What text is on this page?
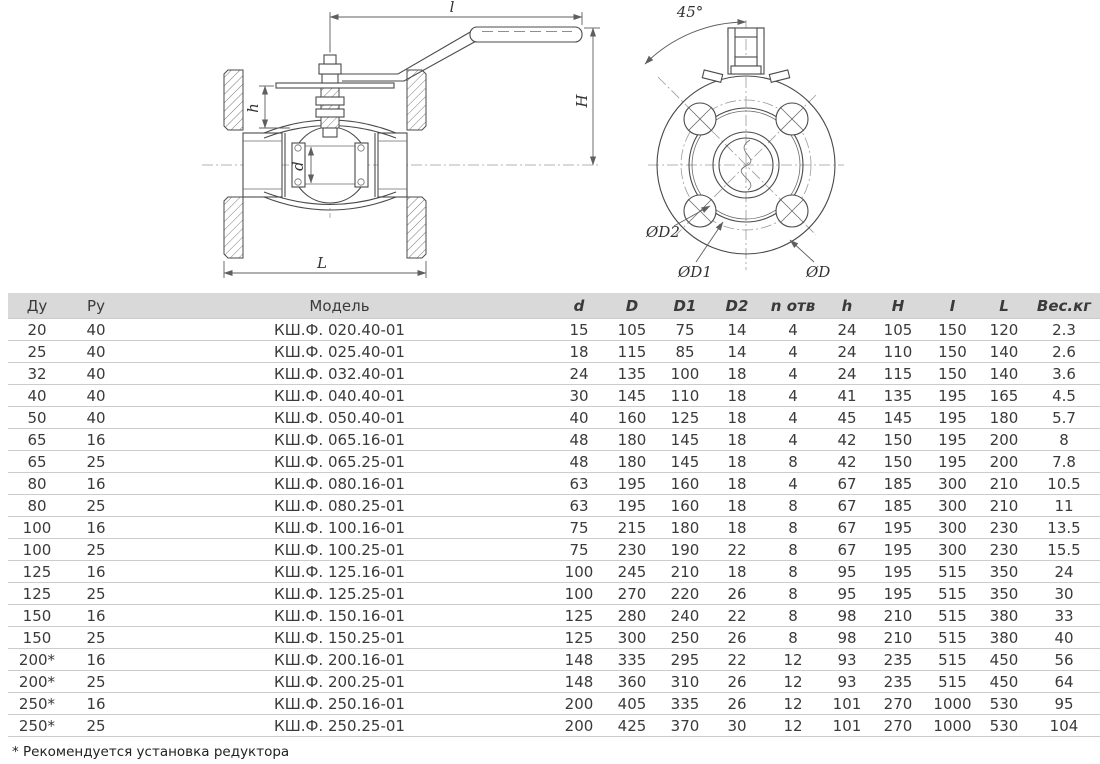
l
H
h
d
L
45°
ØD2
ØD1	ØD
Ду	Ру	Модель	d	D	D1	D2	n отв	h	H	I	L	Вес.кг
20	40	КШ.Ф. 020.40-01	15	105	75	14	4	24	105	150	120	2.3
25	40	КШ.Ф. 025.40-01	18	115	85	14	4	24	110	150	140	2.6
32	40	КШ.Ф. 032.40-01	24	135	100	18	4	24	115	150	140	3.6
40	40	КШ.Ф. 040.40-01	30	145	110	18	4	41	135	195	165	4.5
50	40	КШ.Ф. 050.40-01	40	160	125	18	4	45	145	195	180	5.7
65	16	КШ.Ф. 065.16-01	48	180	145	18	4	42	150	195	200	8
65	25	КШ.Ф. 065.25-01	48	180	145	18	8	42	150	195	200	7.8
80	16	КШ.Ф. 080.16-01	63	195	160	18	4	67	185	300	210	10.5
80	25	КШ.Ф. 080.25-01	63	195	160	18	8	67	185	300	210	11
100	16	КШ.Ф. 100.16-01	75	215	180	18	8	67	195	300	230	13.5
100	25	КШ.Ф. 100.25-01	75	230	190	22	8	67	195	300	230	15.5
125	16	КШ.Ф. 125.16-01	100	245	210	18	8	95	195	515	350	24
125	25	КШ.Ф. 125.25-01	100	270	220	26	8	95	195	515	350	30
150	16	КШ.Ф. 150.16-01	125	280	240	22	8	98	210	515	380	33
150	25	КШ.Ф. 150.25-01	125	300	250	26	8	98	210	515	380	40
200*	16	КШ.Ф. 200.16-01	148	335	295	22	12	93	235	515	450	56
200*	25	КШ.Ф. 200.25-01	148	360	310	26	12	93	235	515	450	64
250*	16	КШ.Ф. 250.16-01	200	405	335	26	12	101	270	1000	530	95
250*	25	КШ.Ф. 250.25-01	200	425	370	30	12	101	270	1000	530	104
* Рекомендуется установка редуктора
